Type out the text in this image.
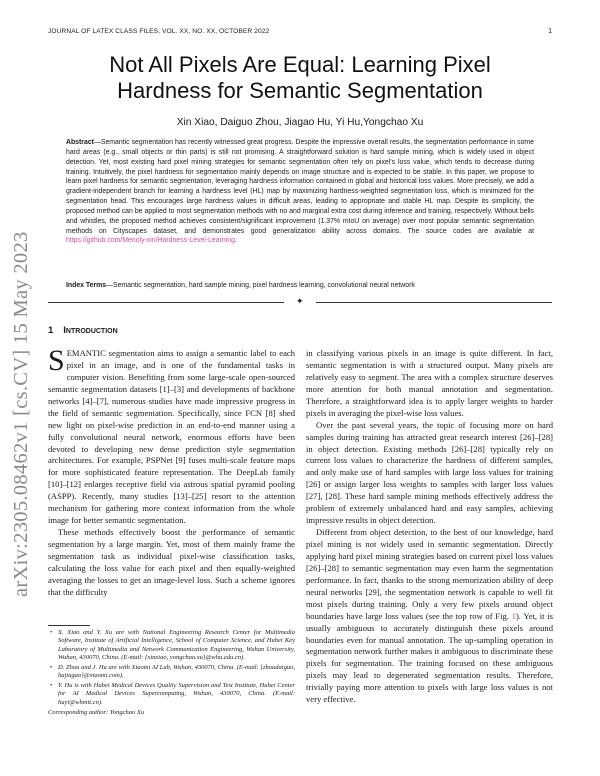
JOURNAL OF LATEX CLASS FILES, VOL. XX, NO. XX, OCTOBER 2022	1
Not All Pixels Are Equal: Learning Pixel
Hardness for Semantic Segmentation
Xin Xiao, Daiguo Zhou, Jiagao Hu, Yi Hu,Yongchao Xu
Abstract—Semantic segmentation has recently witnessed great progress. Despite the impressive overall results, the segmentation performance in some hard areas (e.g., small objects or thin parts) is still not promising. A straightforward solution is hard sample mining, which is widely used in object detection. Yet, most existing hard pixel mining strategies for semantic segmentation often rely on pixel's loss value, which tends to decrease during training. Intuitively, the pixel hardness for segmentation mainly depends on image structure and is expected to be stable. In this paper, we propose to learn pixel hardness for semantic segmentation, leveraging hardness information contained in global and historical loss values. More precisely, we add a gradient-independent branch for learning a hardness level (HL) map by maximizing hardness-weighted segmentation loss, which is minimized for the segmentation head. This encourages large hardness values in difficult areas, leading to appropriate and stable HL map. Despite its simplicity, the proposed method can be applied to most segmentation methods with no and marginal extra cost during inference and training, respectively. Without bells and whistles, the proposed method achieves consistent/significant improvement (1.37% mIoU on average) over most popular semantic segmentation methods on Cityscapes dataset, and demonstrates good generalization ability across domains. The source codes are available at https://github.com/Menoly-xin/Hardness-Level-Learning.
Index Terms—Semantic segmentation, hard sample mining, pixel hardness learning, convolutional neural network
✦
arXiv:2305.08462v1 [cs.CV] 15 May 2023 1 Introduction

SEMANTIC segmentation aims to assign a semantic label to each pixel in an image, and is one of the fundamental tasks in computer vision. Benefiting from some large-scale open-sourced semantic segmentation datasets [1]–[3] and developments of backbone networks [4]–[7], numerous studies have made impressive progress in the field of semantic segmentation. Specifically, since FCN [8] shed new light on pixel-wise prediction in an end-to-end manner using a fully convolutional neural network, enormous efforts have been devoted to developing new dense prediction style segmentation architectures. For example, PSPNet [9] fuses multi-scale feature maps for more sophisticated feature representation. The DeepLab family [10]–[12] enlarges receptive field via astrous spatial pyramid pooling (ASPP). Recently, many studies [13]–[25] resort to the attention mechanism for gathering more context information from the whole image for better semantic segmentation.

These methods effectively boost the performance of semantic segmentation by a large margin. Yet, most of them mainly frame the segmentation task as individual pixel-wise classification tasks, calculating the loss value for each pixel and then equally-weighted averaging the losses to get an image-level loss. Such a scheme ignores that the difficulty

• X. Xiao and Y. Xu are with National Engineering Research Center for Multimedia Software, Institute of Artificial Intelligence, School of Computer Science, and Hubei Key Laboratory of Multimedia and Network Communication Engineering, Wuhan University, Wuhan, 430070, China. (E-mail: {xinxiao, yongchao.xu}@whu.edu.cn).
• D. Zhou and J. Hu are with Xiaomi AI Lab, Wuhan, 430070, China. (E-mail: {zhoudaiguo, hujiagao}@xiaomi.com).
• Y. Hu is with Hubei Medical Devices Quality Supervision and Test Institute, Hubei Center for AI Medical Devices Supercomputing, Wuhan, 430070, China. (E-mail: huyi@whmit.cn).
Corresponding author: Yongchao Xu

in classifying various pixels in an image is quite different. In fact, semantic segmentation is with a structured output. Many pixels are relatively easy to segment. The area with a complex structure deserves more attention for both manual annotation and segmentation. Therefore, a straightforward idea is to apply larger weights to harder pixels in averaging the pixel-wise loss values.

Over the past several years, the topic of focusing more on hard samples during training has attracted great research interest [26]–[28] in object detection. Existing methods [26]–[28] typically rely on current loss values to characterize the hardness of different samples, and only make use of hard samples with large loss values for training [26] or assign larger loss weights to samples with larger loss values [27], [28]. These hard sample mining methods effectively address the problem of extremely unbalanced hard and easy samples, achieving impressive results in object detection.

Different from object detection, to the best of our knowledge, hard pixel mining is not widely used in semantic segmentation. Directly applying hard pixel mining strategies based on current pixel loss values [26]–[28] to semantic segmentation may even harm the segmentation performance. In fact, thanks to the strong memorization ability of deep neural networks [29], the segmentation network is capable to well fit most pixels during training. Only a very few pixels around object boundaries have large loss values (see the top row of Fig. 1). Yet, it is usually ambiguous to accurately distinguish these pixels around boundaries even for manual annotation. The up-sampling operation in segmentation network further makes it ambiguous to discriminate these pixels for segmentation. The training focused on these ambiguous pixels may lead to degenerated segmentation results. Therefore, trivially paying more attention to pixels with large loss values is not very effective.
